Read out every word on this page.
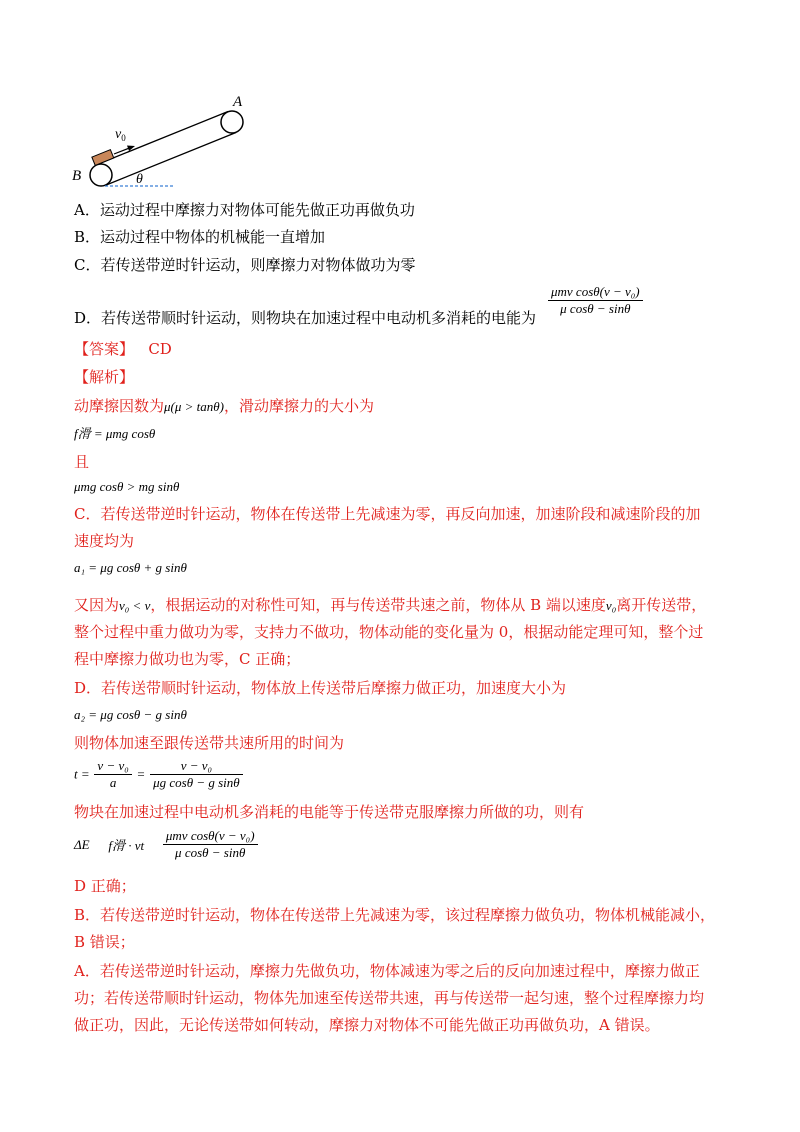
A
B
$v_0$
θ
A．运动过程中摩擦力对物体可能先做正功再做负功
B．运动过程中物体的机械能一直增加
C．若传送带逆时针运动，则摩擦力对物体做功为零
D．若传送带顺时针运动，则物块在加速过程中电动机多消耗的电能为
μmv cosθ(v − v₀)
μ cosθ − sinθ
【答案】 CD
【解析】
动摩擦因数为μ(μ > tanθ)，滑动摩擦力的大小为
f滑 = μmg cosθ
且
μmg cosθ > mg sinθ
C．若传送带逆时针运动，物体在传送带上先减速为零，再反向加速，加速阶段和减速阶段的加
速度均为
a₁ = μg cosθ + g sinθ
又因为v₀ < v，根据运动的对称性可知，再与传送带共速之前，物体从 B 端以速度v₀离开传送带，
整个过程中重力做功为零，支持力不做功，物体动能的变化量为 0，根据动能定理可知，整个过
程中摩擦力做功也为零，C 正确；
D．若传送带顺时针运动，物体放上传送带后摩擦力做正功，加速度大小为
a₂ = μg cosθ − g sinθ
则物体加速至跟传送带共速所用的时间为
$t = \frac{\text{v − v₀}}{a} = \frac{\text{v − v₀}}{\text{μg cosθ − g sinθ}}$
物块在加速过程中电动机多消耗的电能等于传送带克服摩擦力所做的功，则有
ΔE f滑 · vt $\frac{\text{μmv cosθ(v − v₀)}}{\text{μ cosθ − sinθ}}$
D 正确；
B．若传送带逆时针运动，物体在传送带上先减速为零，该过程摩擦力做负功，物体机械能减小，
B 错误；
A．若传送带逆时针运动，摩擦力先做负功，物体减速为零之后的反向加速过程中，摩擦力做正
功；若传送带顺时针运动，物体先加速至传送带共速，再与传送带一起匀速，整个过程摩擦力均
做正功，因此，无论传送带如何转动，摩擦力对物体不可能先做正功再做负功，A 错误。
